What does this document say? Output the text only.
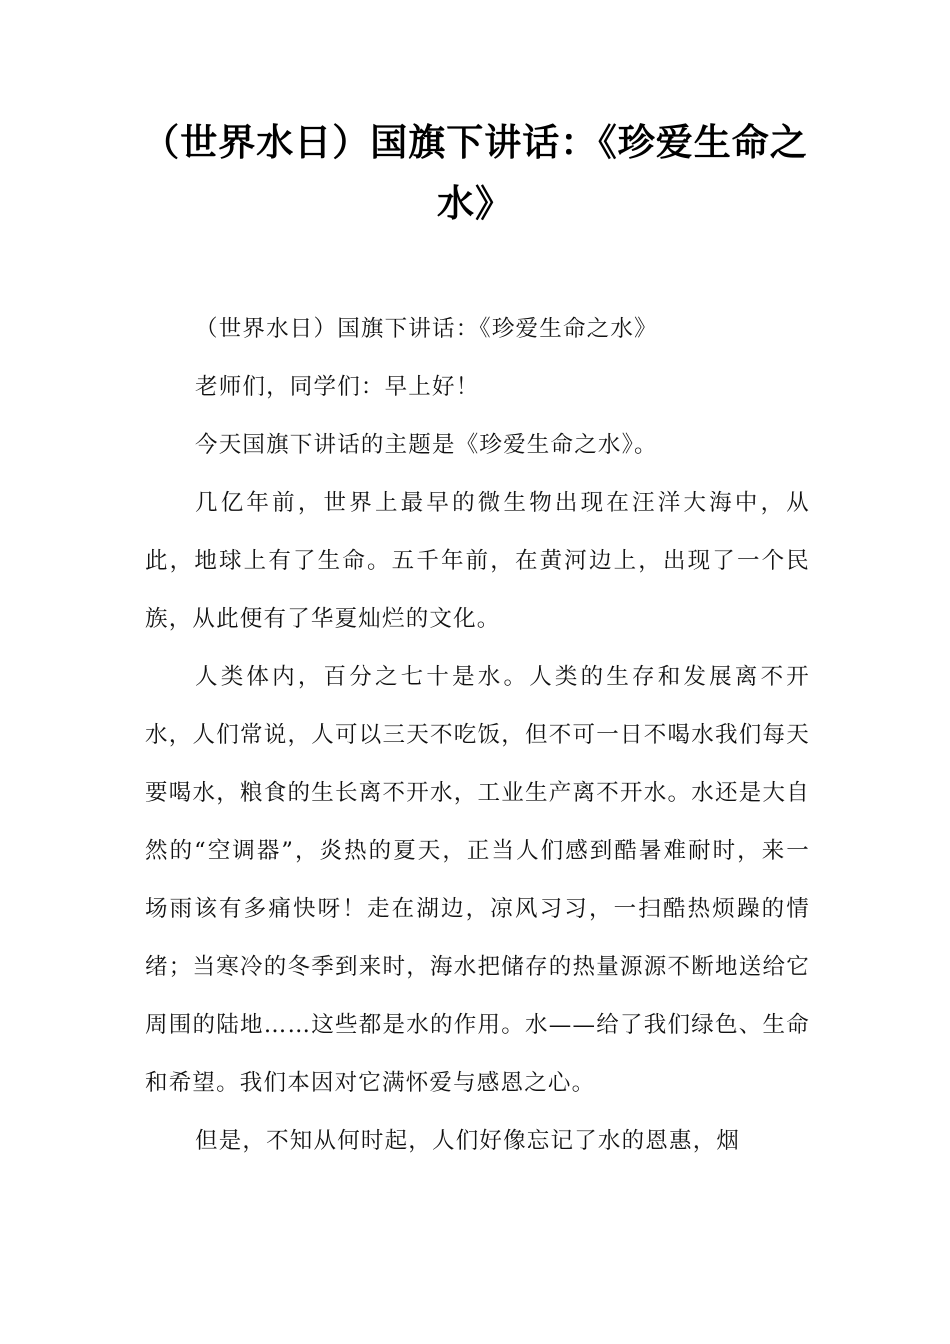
（世界水日）国旗下讲话：《珍爱生命之水》

（世界水日）国旗下讲话：《珍爱生命之水》

老师们，同学们：早上好！

今天国旗下讲话的主题是《珍爱生命之水》。

几亿年前，世界上最早的微生物出现在汪洋大海中，从此，地球上有了生命。五千年前，在黄河边上，出现了一个民族，从此便有了华夏灿烂的文化。

人类体内，百分之七十是水。人类的生存和发展离不开水，人们常说，人可以三天不吃饭，但不可一日不喝水我们每天要喝水，粮食的生长离不开水，工业生产离不开水。水还是大自然的“空调器”，炎热的夏天，正当人们感到酷暑难耐时，来一场雨该有多痛快呀！走在湖边，凉风习习，一扫酷热烦躁的情绪；当寒冷的冬季到来时，海水把储存的热量源源不断地送给它周围的陆地……这些都是水的作用。水——给了我们绿色、生命和希望。我们本因对它满怀爱与感恩之心。

但是，不知从何时起，人们好像忘记了水的恩惠，烟
